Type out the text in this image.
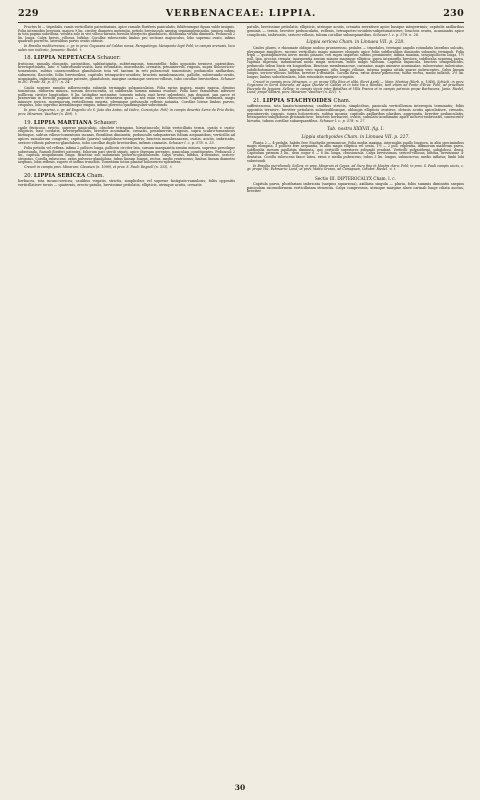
229	VERBENACEAE: LIPPIA.	230

Fructus bi — tripedalis, ramis verticillatis patentissimis, apice ramulis floriferis paniculatis, foliiferumque figura valde insignis. Folia internodiis breviora, majora 9 lin. circiter diametro metientia, petiolo breviusculo saepius semiamplexicaulia, juniora subtus in tota pagina subvillosa, vetusta sole in vivi villoso-hirsuta foveolis interjectis glanduloris, subfloralia viridia diminuta. Pedunculi 2 lin. longa. Calyx brevis, villosus, bifidus. Corollae rubescentis limbus pro sectione majusculus, lobo supremo ovato, infimo quadrato porrecto, lateralibus parvis ovatis obtusis.

In Brasilia mediterranea, c. gr. in prov. Goyazana ad Caldas novas, Paraguitinga, Meiaponte legit Pohl; in campis arenosis, loco salsis non indicato, Januario: Riedel. ♄

18. LIPPIA NEPETACEA Schauer:

fruticosa; ramulis elongatis, patentibus, subfastigiatis, subtetragonis, tomentellis; foliis oppositis ternisve, patentibus, breviopetiolatis, lato- v. subrotundo-ovatis, basi rotundatis, mucronatis, crenatis, penninerviis, rugosis, supra holosericeo-tomentosis, subtus canescentibus glandulosis tota vel tantum in reti pubescenti tomentosis; pedunculis axillaribus, subaeneis, flaccidis, foliis brevioribus; capitulis tetraquetro-ovoideis; bracteis membranaceis, pallidis, subrotundo-ovatis, acuminatis, imbricatis acumine patente, glandulosis, margine carinaque sericeo-villosis, tubo corollae brevioribus. Schauer in DC. Prodr. XI. p. 577. n. 24.

Caulis superne ramulis inflorescentia subaeda terminatis subpaniculatus. Folia rarius majora, magis rugosa, densius tomentosa, rudiorem minora, sursum decrescentia, ut subfloralia summa minima evadunt. Folia haec ramulorum inferiore polllicem circiter longitudine, 8 lin. latitudine metiuntur, tomento induta sunt brevi splendenti, jam densiori, jam parce et praesertim in foveolis paginae inferae exili; nervi striaeneus quasi — sed enim venis rubescentes. Capitula straminea, magis minusve sericea, supremorum verticillorum exserta, plerumque pedunculis reflexis nutantia. Corollae luteae limbus parvus, crispulus, lobo supremo lateralibusque exiguis, infimo porrecto quadrangulari-subrotundo.

In prov. Goyazensi, c. gr. ad Engenho do S. João das Antas, ad Isidro, Conceição: Pohl; in campis desertis Serra do Frio dictis, prov. Minarum: Vauthier (n. 409). ♄

19. LIPPIA MARTIANA Schauer:

caule fruticoso, erecto, superne paniculato, obsolete tetragono, hirsutiusculo; foliis verticillatis ternis, ovatis v. ovato-ellipticis, basi cordatis, breviwpetiolatis, breviter acuminatis, crenatis, penninerviis, rugosis, supra scabro-tomentosis hirtisque, subtus villoso-tomentosis incanis, floralibus diminutis; pedunculis subquaternis folium aequantibus; verticillis ad apices ramulorum congestis; capitulis (parvis) subglobose-tetraquetris; bracteis membranaceis, ovatis, acutis, imbricatis, sericeo-villosis pulverso-glanduloso, tubo corollae duplo brevioribus, infimis connatis. Schauer l. c. p. 578. n. 25.

Folia petiolis vel reflexa, infima 2 pollices longa, pollicem circiter lata, sursum inaequantia sensim minora, suprema persolique subrotunda. Ramuli floriferi patentes, foliorum pari sterili stipati, apice thyrsum gerentes, paniculam constituentes. Pedunculi 2 lin., capitula sesquilineam longa. Bracteae sub indumento pulverso-glandulosum. Calyx ovatus, bifidus, 4-dentatus, sericeo-strigosus. Corolla rubescens, extus pulverso-glandulosa; tubus lineam longus, rectus, medio ventricosus; limbus lineam diametro aequans, lobis reflexis, supero et infimo truncatis. Tomentum totius plantae holosericeo-splendens.

Crescit in campis prov. Minarum: Claussen (n. 1098), et prov. S. Pauli: Regnell (n. 333). ♄

20. LIPPIA SERICEA Cham.

herbacea, tota incano-sericea; caulibus virgatis, strictis, simplicibus vel superne fastigiato-ramulosis; foliis oppositis verticillatisve ternis — quaternis, erecto-patulis, brevissime petiolatis, ellipticis, utrinque acutis, crenatis

patulis, brevissime petiolatis, ellipticis, utrinque acutis, crenatis serratisve apice basique integerrimis; capitulis axillaribus geminis — ternis, breviter pedunculatis, reflexis, tetraquetro-ovoideis-subprismaticisve; bracteis ovatis, acuminatis apice complicato, imbricatis, sericeo-villosis, tubum corollae subaequantibus. Schauer l. c. p. 578. n. 26.

Lippia sericea Cham. in Linnaea VII. p. 228.

Caules plures, e rhizomate oblique nodoso pruenerosso, pedales — tripedales, teretagni angulis rotundatis lateribus sulcatis, plerumque simplices, racemo verticillato magis minusve elongato apice foliis subfloralibus diminutis subumbo terminali. Folia tripli — quintuplinervia nervo medio pinnato, reti supra impresso subtus prominente; infima maxima, sesquipollicem longa, 1½ poll. lata, grocius crenata; inaequentia sensim minora magisque elliptica; supra intemorillo breviora; subfloralia suprema parva, capitula superata; indumentum modo magis sericeum, modo magis villosum. Capitula linjuncula, bracteis semipellucidis, pedunculo tribus lineis vix longioribus. Bracteae membranaceae, carinatae, magis minusve acuminatae, subcereatae, imbricatae, subdichotomaeve, latae, inprimis vero margine, pilis longis villosae, interna pagina nitida sparse pubescentes. Calyx lineam longus, sericeo-villosus, bifidus, breviter 4-dentatus. Corolla flava, extus dense pubescens; tubus rectus, medio inflatus, 2½ lin. longus; limbus suborbicularis, lobis rotundatis margine crispatis.

Crescit in campis prov. Minarum, c. gr. prope Villa Rica et alibi, floret Aprili — Majo: Martius (Herb. n. 1046), Schüch; in prov. Goyazana in Serra Dourada, ad Aqua Quente et Caldas et in tota via a Rondão, tum etiam ad Ponte d'Erva: Pohl; ad praedium Fazenda da Jaguara: Sellow; in campis siccis inter Batalhas et Villa Franca et in campis petrosis prope Barbacena, Janio: Riedel, Lund; prope Sabará, prov. Minarum: Vauthier (n. 421). ♄

21. LIPPIA STACHYOIDES Cham.

suffrutescens, tota lanato-tomentosa; caulibus strictis, simplicibus, panicula verticillorum interrupta terminatis; foliis oppositis ternisve, breviter petiolatis subsessilibusque, oblongis ellipticis ovatisve, obtusis acutis apiculatisve, crenatis, penninerviis, rugosis, supra holosericeis, subtus incanis; capitulis axillaribus pluribus, aggregatis, breviter pedunculatis, tetraquetro-subglobosis prismaticisve; bracteis herbaceis, ovatis, subulato-acuminatis apice incurvo-imbricatis, canescenti-hirsutis, tubum corollae subaequantibus. Schauer l. c. p. 578. n. 27.

Tab. nostra XXXVII. fig. I.

Lippia stachyoides Cham. in Linnaea VII. p. 227.

Planta 2 — 4-pedalis, habitu fere Stachydis germanicae. Folia media maxima, internodiis paullo longiora, in aliis speciminibus magis elongata, 3 pollices fere aequantia, in aliis magis elliptica vel ovata, 1½ — 2 poll. explentia, infimorum madorum parva, subfloralia sursum paullatim diminuta, quo verticilli superiores subumbi evadunt. Verticilli polyanthemi, subglobosi, densi. Capitulum primum 3 lin., dein coque 6 — 8 lin. longa, crassiuscula. Calyx brevissimus, sericeo-villosus, bifidus, breviusime 4-dentatus. Corolla rubescens fauce lutea, extus e media pubescens; tubus 3 lin. longus, subincurvus, medio inflatus; limbi lobi subrotundi.

In Brasilia meridionali: Sellow; in prov. Minarum et Goyaz, ad Ouro fino et Mostra clara: Pohl; in prov. S. Pauli campis siccis, c. gr. prope Ytú, Februario: Lund; et prov. Matto Grosso, ad Camapuan, Octobri: Riedel. ♃ ♄

Sectio III. DIPTEROCALYX Cham. l. c.

Capitula parva, plurifariam imbricata (saepius squarrosa), axillaria singula — pluria, foliis summis diminutis saepius paniculam racemiformem verticillatam struentia. Calyx compressus, utrinque margine alave carinali longe ciliata auctus, breviter

30
